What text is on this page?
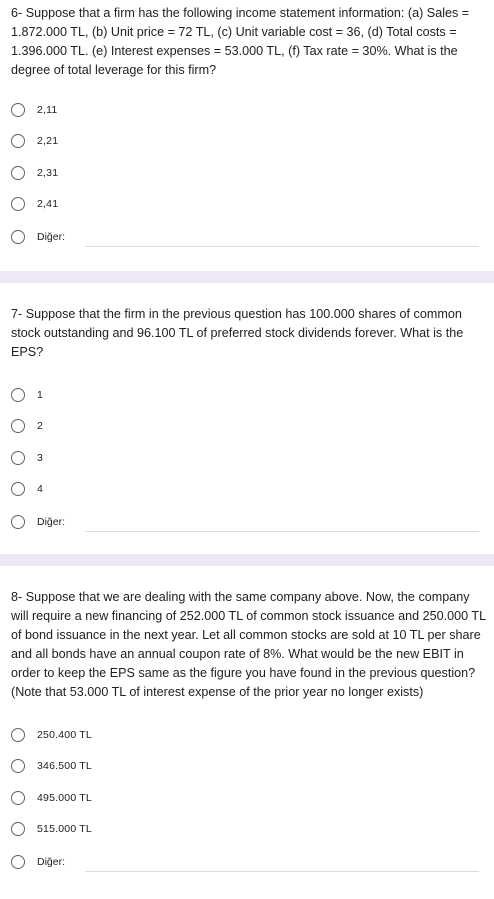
6- Suppose that a firm has the following income statement information: (a) Sales = 1.872.000 TL, (b) Unit price = 72 TL, (c) Unit variable cost = 36, (d) Total costs = 1.396.000 TL. (e) Interest expenses = 53.000 TL, (f) Tax rate = 30%. What is the degree of total leverage for this firm?

2,11
2,21
2,31
2,41
Diğer:

7- Suppose that the firm in the previous question has 100.000 shares of common stock outstanding and 96.100 TL of preferred stock dividends forever. What is the EPS?

1
2
3
4
Diğer:

8- Suppose that we are dealing with the same company above. Now, the company will require a new financing of 252.000 TL of common stock issuance and 250.000 TL of bond issuance in the next year. Let all common stocks are sold at 10 TL per share and all bonds have an annual coupon rate of 8%. What would be the new EBIT in order to keep the EPS same as the figure you have found in the previous question? (Note that 53.000 TL of interest expense of the prior year no longer exists)

250.400 TL
346.500 TL
495.000 TL
515.000 TL
Diğer:
